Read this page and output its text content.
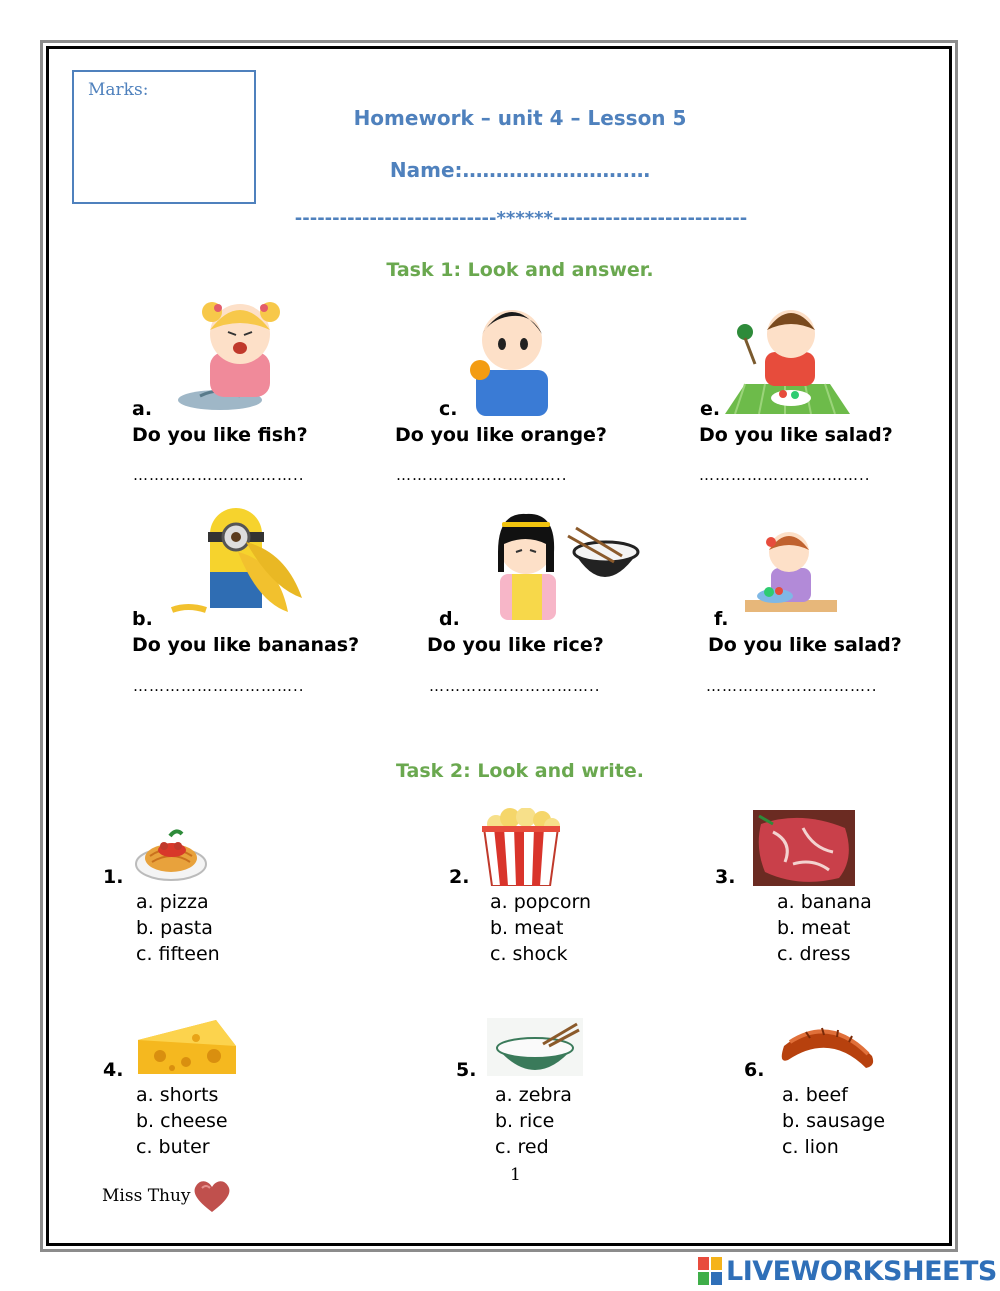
Marks:
Homework – unit 4 – Lesson 5
Name:…………………….…
---------------------------******--------------------------
Task 1: Look and answer.
a.
Do you like fish?
…………………………..
c.
Do you like orange?
…………………………..
e.
Do you like salad?
…………………………..
b.
Do you like bananas?
…………………………..
d.
Do you like rice?
…………………………..
f.
Do you like salad?
…………………………..
Task 2: Look and write.
1.
a. pizza
b. pasta
c. fifteen
2.
a. popcorn
b. meat
c. shock
3.
a. banana
b. meat
c. dress
4.
a. shorts
b. cheese
c. buter
5.
a. zebra
b. rice
c. red
6.
a. beef
b. sausage
c. lion
1
Miss Thuy
LIVEWORKSHEETS
